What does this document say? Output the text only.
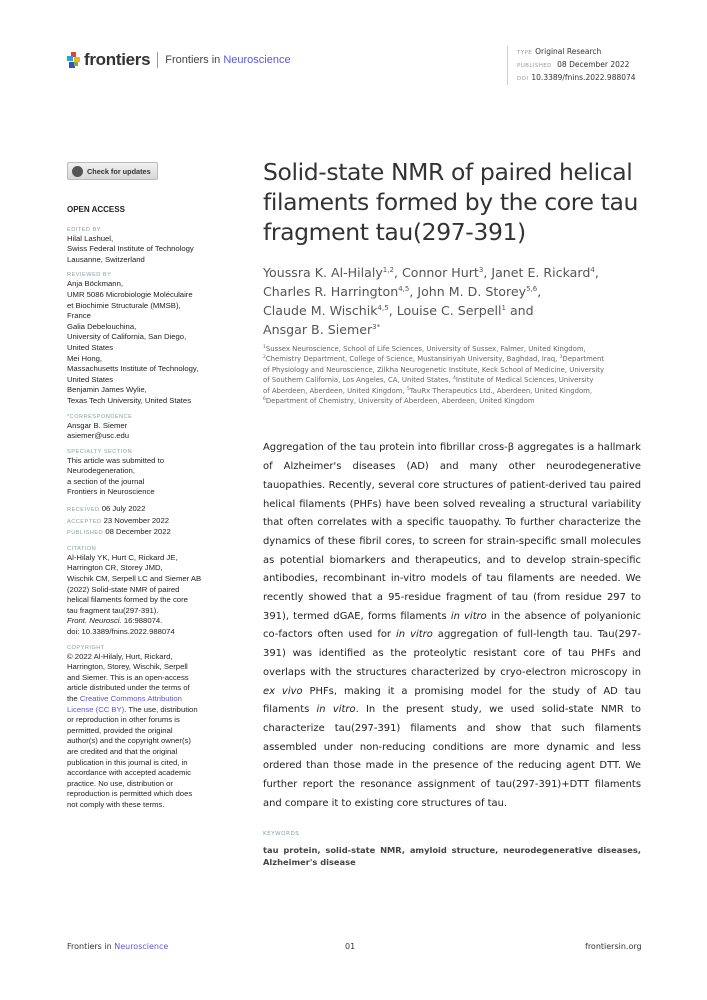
frontiers Frontiers in Neuroscience
TYPE Original Research
PUBLISHED 08 December 2022
DOI 10.3389/fnins.2022.988074
Check for updates
OPEN ACCESS
EDITED BY
Hilal Lashuel,
Swiss Federal Institute of Technology
Lausanne, Switzerland
REVIEWED BY
Anja Böckmann,
UMR 5086 Microbiologie Moléculaire
et Biochimie Structurale (MMSB),
France
Galia Debelouchina,
University of California, San Diego,
United States
Mei Hong,
Massachusetts Institute of Technology,
United States
Benjamin James Wylie,
Texas Tech University, United States
*CORRESPONDENCE
Ansgar B. Siemer
asiemer@usc.edu
SPECIALTY SECTION
This article was submitted to
Neurodegeneration,
a section of the journal
Frontiers in Neuroscience
RECEIVED 06 July 2022
ACCEPTED 23 November 2022
PUBLISHED 08 December 2022
CITATION
Al-Hilaly YK, Hurt C, Rickard JE,
Harrington CR, Storey JMD,
Wischik CM, Serpell LC and Siemer AB
(2022) Solid-state NMR of paired
helical filaments formed by the core
tau fragment tau(297-391).
Front. Neurosci. 16:988074.
doi: 10.3389/fnins.2022.988074
COPYRIGHT
© 2022 Al-Hilaly, Hurt, Rickard,
Harrington, Storey, Wischik, Serpell
and Siemer. This is an open-access
article distributed under the terms of
the Creative Commons Attribution
License (CC BY). The use, distribution
or reproduction in other forums is
permitted, provided the original
author(s) and the copyright owner(s)
are credited and that the original
publication in this journal is cited, in
accordance with accepted academic
practice. No use, distribution or
reproduction is permitted which does
not comply with these terms.
Solid-state NMR of paired helical filaments formed by the core tau fragment tau(297-391)
Youssra K. Al-Hilaly$^{1,2}$, Connor Hurt$^3$, Janet E. Rickard$^4$,
Charles R. Harrington$^{4,5}$, John M. D. Storey$^{5,6}$,
Claude M. Wischik$^{4,5}$, Louise C. Serpell$^1$ and
Ansgar B. Siemer$^{3*}$
$^1$Sussex Neuroscience, School of Life Sciences, University of Sussex, Falmer, United Kingdom,
$^2$Chemistry Department, College of Science, Mustansiriyah University, Baghdad, Iraq, $^3$Department
of Physiology and Neuroscience, Zilkha Neurogenetic Institute, Keck School of Medicine, University
of Southern California, Los Angeles, CA, United States, $^4$Institute of Medical Sciences, University
of Aberdeen, Aberdeen, United Kingdom, $^5$TauRx Therapeutics Ltd., Aberdeen, United Kingdom,
$^6$Department of Chemistry, University of Aberdeen, Aberdeen, United Kingdom

Aggregation of the tau protein into fibrillar cross-β aggregates is a hallmark of Alzheimer's diseases (AD) and many other neurodegenerative tauopathies. Recently, several core structures of patient-derived tau paired helical filaments (PHFs) have been solved revealing a structural variability that often correlates with a specific tauopathy. To further characterize the dynamics of these fibril cores, to screen for strain-specific small molecules as potential biomarkers and therapeutics, and to develop strain-specific antibodies, recombinant in-vitro models of tau filaments are needed. We recently showed that a 95-residue fragment of tau (from residue 297 to 391), termed dGAE, forms filaments in vitro in the absence of polyanionic co-factors often used for in vitro aggregation of full-length tau. Tau(297-391) was identified as the proteolytic resistant core of tau PHFs and overlaps with the structures characterized by cryo-electron microscopy in ex vivo PHFs, making it a promising model for the study of AD tau filaments in vitro. In the present study, we used solid-state NMR to characterize tau(297-391) filaments and show that such filaments assembled under non-reducing conditions are more dynamic and less ordered than those made in the presence of the reducing agent DTT. We further report the resonance assignment of tau(297-391)+DTT filaments and compare it to existing core structures of tau.

KEYWORDS
tau protein, solid-state NMR, amyloid structure, neurodegenerative diseases, Alzheimer's disease
Frontiers in Neuroscience	01	frontiersin.org
